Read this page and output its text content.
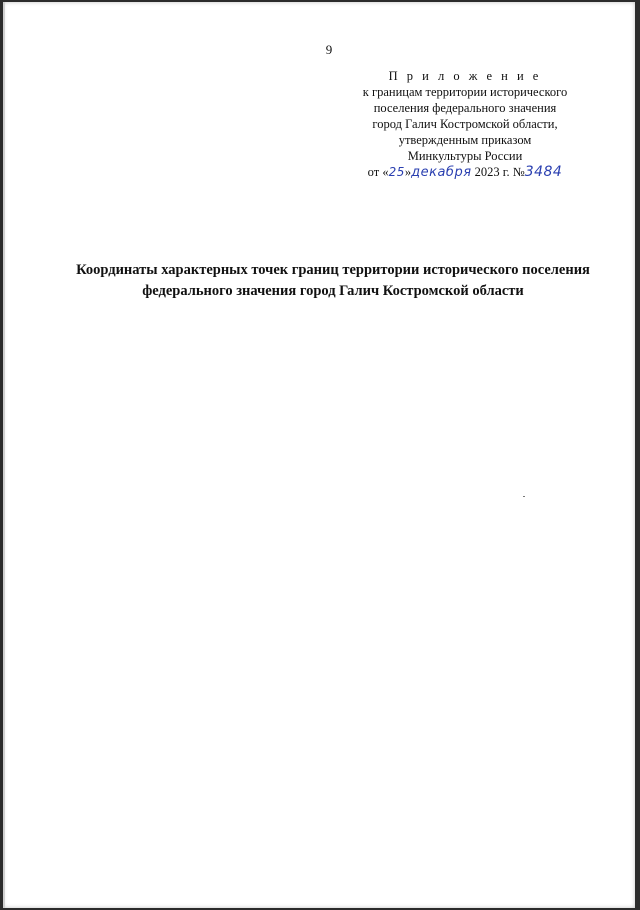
9
П р и л о ж е н и е
к границам территории исторического
поселения федерального значения
город Галич Костромской области,
утвержденным приказом
Минкультуры России
от «25»декабря 2023 г. №3484
Координаты характерных точек границ территории исторического поселения
федерального значения город Галич Костромской области
